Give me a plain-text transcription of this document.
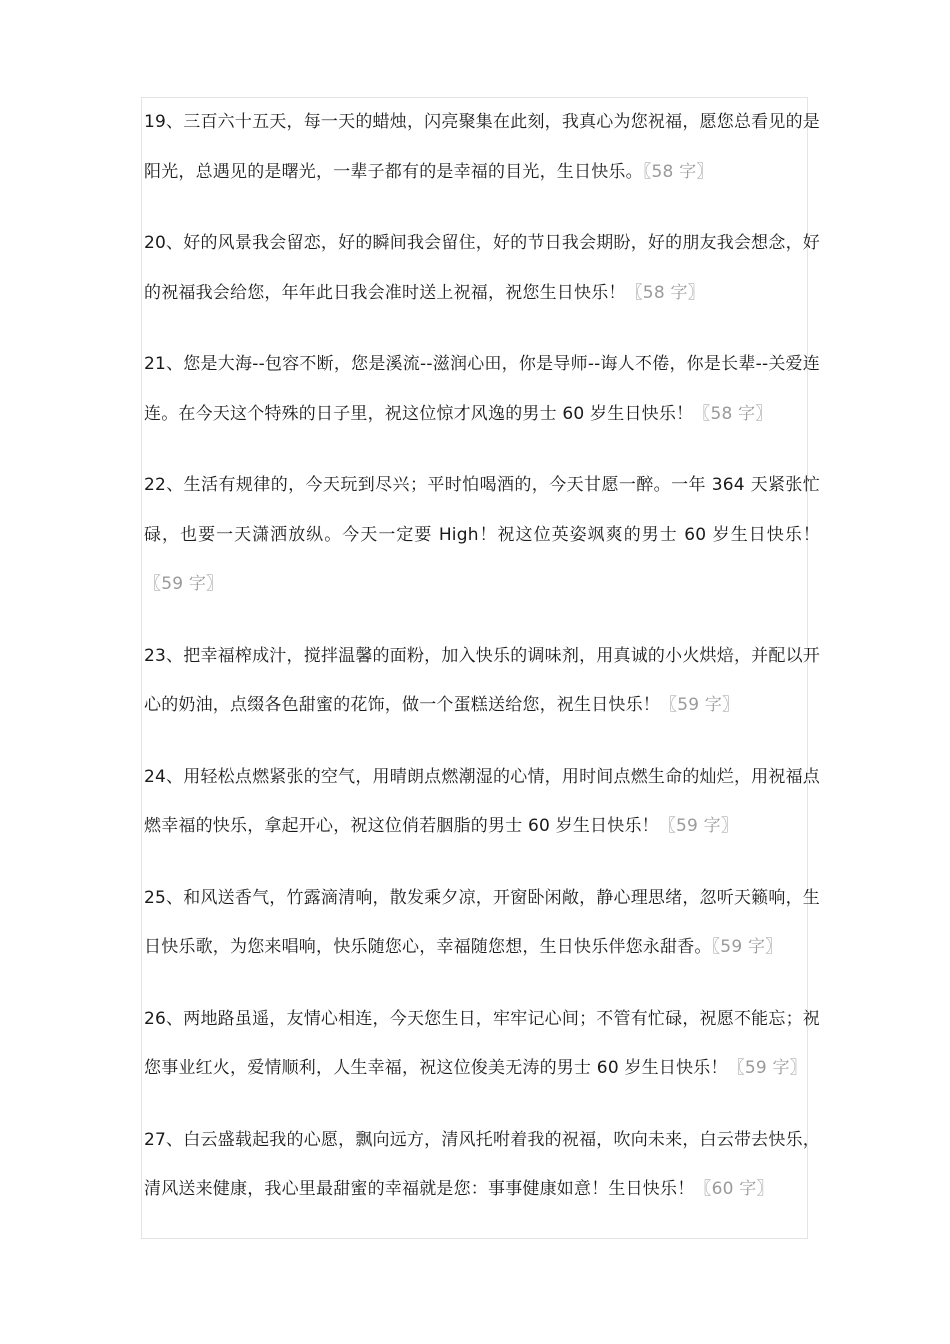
19、三百六十五天，每一天的蜡烛，闪亮聚集在此刻，我真心为您祝福，愿您总看见的是阳光，总遇见的是曙光，一辈子都有的是幸福的目光，生日快乐。〖58 字〗

20、好的风景我会留恋，好的瞬间我会留住，好的节日我会期盼，好的朋友我会想念，好的祝福我会给您，年年此日我会准时送上祝福，祝您生日快乐！〖58 字〗

21、您是大海--包容不断，您是溪流--滋润心田，你是导师--诲人不倦，你是长辈--关爱连连。在今天这个特殊的日子里，祝这位惊才风逸的男士 60 岁生日快乐！〖58 字〗

22、生活有规律的，今天玩到尽兴；平时怕喝酒的，今天甘愿一醉。一年 364 天紧张忙碌，也要一天潇洒放纵。今天一定要 High！祝这位英姿飒爽的男士 60 岁生日快乐！〖59 字〗

23、把幸福榨成汁，搅拌温馨的面粉，加入快乐的调味剂，用真诚的小火烘焙，并配以开心的奶油，点缀各色甜蜜的花饰，做一个蛋糕送给您，祝生日快乐！〖59 字〗

24、用轻松点燃紧张的空气，用晴朗点燃潮湿的心情，用时间点燃生命的灿烂，用祝福点燃幸福的快乐，拿起开心，祝这位俏若胭脂的男士 60 岁生日快乐！〖59 字〗

25、和风送香气，竹露滴清响，散发乘夕凉，开窗卧闲敞，静心理思绪，忽听天籁响，生日快乐歌，为您来唱响，快乐随您心，幸福随您想，生日快乐伴您永甜香。〖59 字〗

26、两地路虽遥，友情心相连，今天您生日，牢牢记心间；不管有忙碌，祝愿不能忘；祝您事业红火，爱情顺利，人生幸福，祝这位俊美无涛的男士 60 岁生日快乐！〖59 字〗

27、白云盛载起我的心愿，飘向远方，清风托咐着我的祝福，吹向未来，白云带去快乐，清风送来健康，我心里最甜蜜的幸福就是您：事事健康如意！生日快乐！〖60 字〗
